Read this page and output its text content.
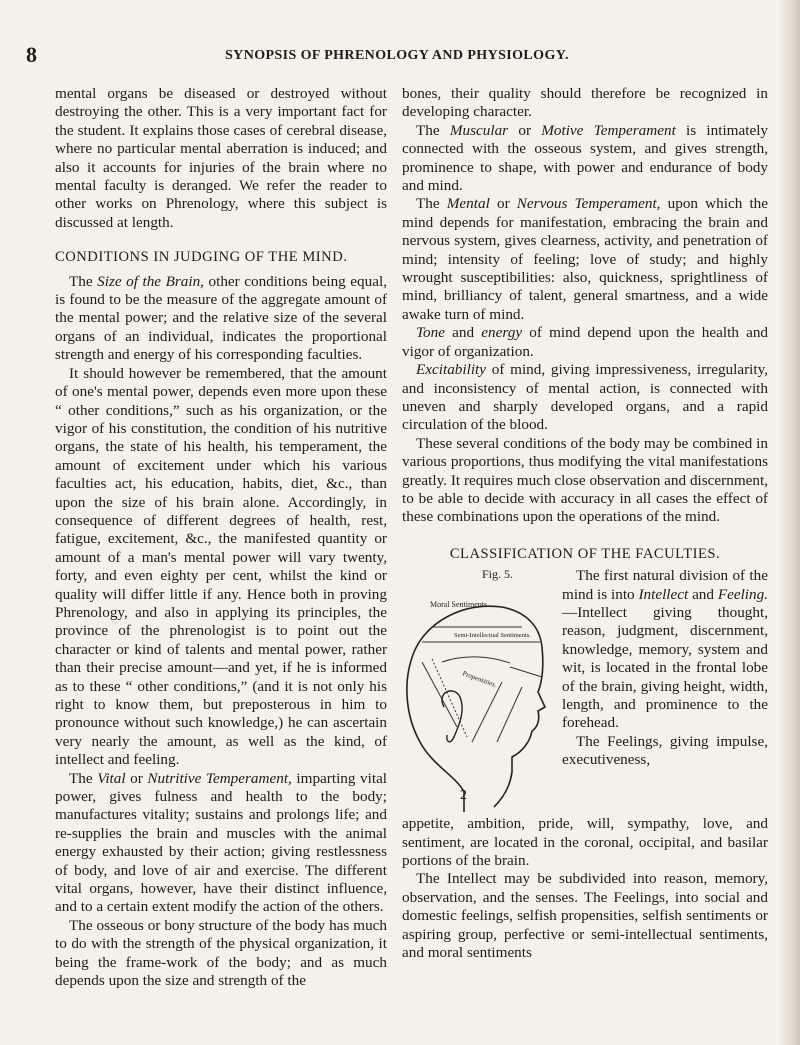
8	SYNOPSIS OF PHRENOLOGY AND PHYSIOLOGY.

mental organs be diseased or destroyed without destroying the other. This is a very important fact for the student. It explains those cases of cerebral disease, where no particular mental aberration is induced; and also it accounts for injuries of the brain where no mental faculty is deranged. We refer the reader to other works on Phrenology, where this subject is discussed at length.

CONDITIONS IN JUDGING OF THE MIND.

The Size of the Brain, other conditions being equal, is found to be the measure of the aggregate amount of the mental power; and the relative size of the several organs of an individual, indicates the proportional strength and energy of his corresponding faculties.

It should however be remembered, that the amount of one's mental power, depends even more upon these “ other conditions,” such as his organization, or the vigor of his constitution, the condition of his nutritive organs, the state of his health, his temperament, the amount of excitement under which his various faculties act, his education, habits, diet, &c., than upon the size of his brain alone. Accordingly, in consequence of different degrees of health, rest, fatigue, excitement, &c., the manifested quantity or amount of a man's mental power will vary twenty, forty, and even eighty per cent, whilst the kind or quality will differ little if any. Hence both in proving Phrenology, and also in applying its principles, the province of the phrenologist is to point out the character or kind of talents and mental power, rather than their precise amount—and yet, if he is informed as to these “ other conditions,” (and it is not only his right to know them, but preposterous in him to pronounce without such knowledge,) he can ascertain very nearly the amount, as well as the kind, of intellect and feeling.

The Vital or Nutritive Temperament, imparting vital power, gives fulness and health to the body; manufactures vitality; sustains and prolongs life; and re-supplies the brain and muscles with the animal energy exhausted by their action; giving restlessness of body, and love of air and exercise. The different vital organs, however, have their distinct influence, and to a certain extent modify the action of the others.

The osseous or bony structure of the body has much to do with the strength of the physical organization, it being the frame-work of the body; and as much depends upon the size and strength of the

bones, their quality should therefore be recognized in developing character.

The Muscular or Motive Temperament is intimately connected with the osseous system, and gives strength, prominence to shape, with power and endurance of body and mind.

The Mental or Nervous Temperament, upon which the mind depends for manifestation, embracing the brain and nervous system, gives clearness, activity, and penetration of mind; intensity of feeling; love of study; and highly wrought susceptibilities: also, quickness, sprightliness of mind, brilliancy of talent, general smartness, and a wide awake turn of mind.

Tone and energy of mind depend upon the health and vigor of organization.

Excitability of mind, giving impressiveness, irregularity, and inconsistency of mental action, is connected with uneven and sharply developed organs, and a rapid circulation of the blood.

These several conditions of the body may be combined in various proportions, thus modifying the vital manifestations greatly. It requires much close observation and discernment, to be able to decide with accuracy in all cases the effect of these combinations upon the operations of the mind.

CLASSIFICATION OF THE FACULTIES.
Fig. 5.
Moral Sentiments.
Semi-Intellectual Sentiments.
Propensities.
2

The first natural division of the mind is into Intellect and Feeling.—Intellect giving thought, reason, judgment, discernment, knowledge, memory, system and wit, is located in the frontal lobe of the brain, giving height, width, length, and prominence to the forehead.

The Feelings, giving impulse, executiveness,

appetite, ambition, pride, will, sympathy, love, and sentiment, are located in the coronal, occipital, and basilar portions of the brain.

The Intellect may be subdivided into reason, memory, observation, and the senses. The Feelings, into social and domestic feelings, selfish propensities, selfish sentiments or aspiring group, perfective or semi-intellectual sentiments, and moral sentiments
